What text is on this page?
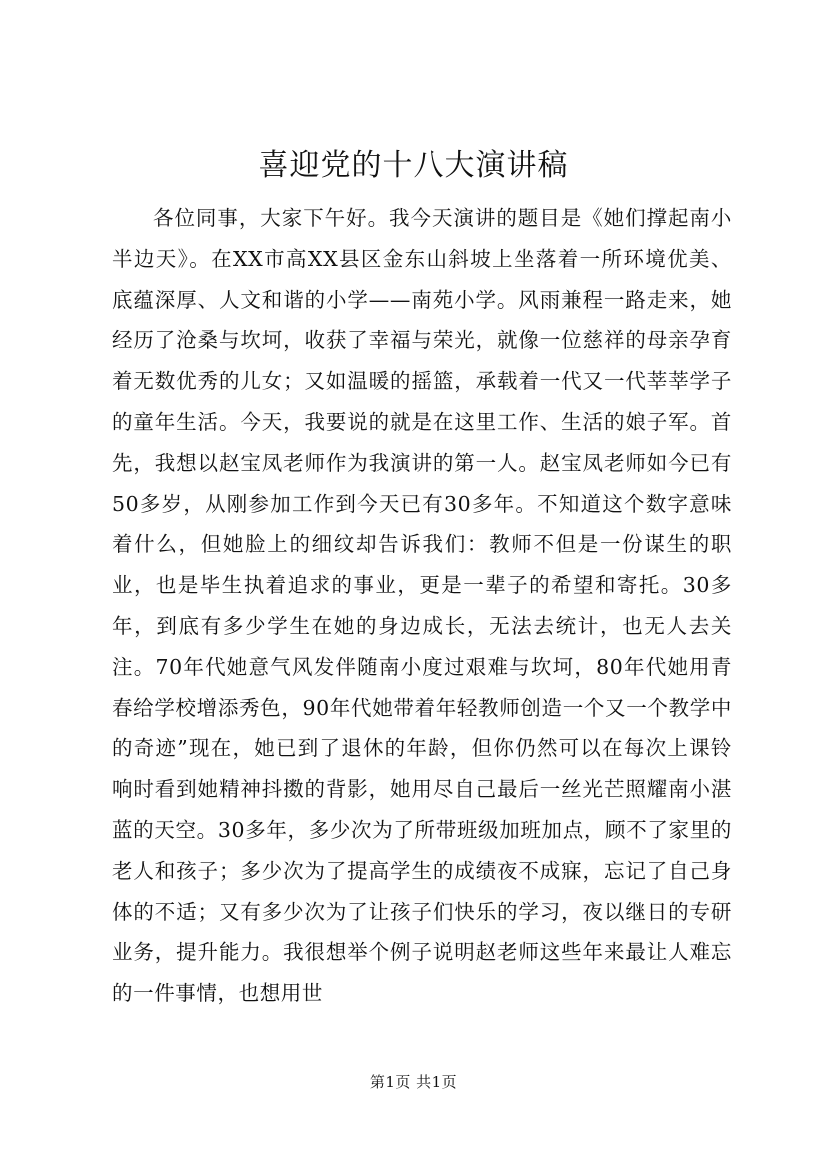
喜迎党的十八大演讲稿

各位同事，大家下午好。我今天演讲的题目是《她们撑起南小半边天》。在XX市高XX县区金东山斜坡上坐落着一所环境优美、底蕴深厚、人文和谐的小学——南苑小学。风雨兼程一路走来，她经历了沧桑与坎坷，收获了幸福与荣光，就像一位慈祥的母亲孕育着无数优秀的儿女；又如温暖的摇篮，承载着一代又一代莘莘学子的童年生活。今天，我要说的就是在这里工作、生活的娘子军。首先，我想以赵宝凤老师作为我演讲的第一人。赵宝凤老师如今已有50多岁，从刚参加工作到今天已有30多年。不知道这个数字意味着什么，但她脸上的细纹却告诉我们：教师不但是一份谋生的职业，也是毕生执着追求的事业，更是一辈子的希望和寄托。30多年，到底有多少学生在她的身边成长，无法去统计，也无人去关注。70年代她意气风发伴随南小度过艰难与坎坷，80年代她用青春给学校增添秀色，90年代她带着年轻教师创造一个又一个教学中的奇迹”现在，她已到了退休的年龄，但你仍然可以在每次上课铃响时看到她精神抖擞的背影，她用尽自己最后一丝光芒照耀南小湛蓝的天空。30多年，多少次为了所带班级加班加点，顾不了家里的老人和孩子；多少次为了提高学生的成绩夜不成寐，忘记了自己身体的不适；又有多少次为了让孩子们快乐的学习，夜以继日的专研业务，提升能力。我很想举个例子说明赵老师这些年来最让人难忘的一件事情，也想用世

第1页 共1页
